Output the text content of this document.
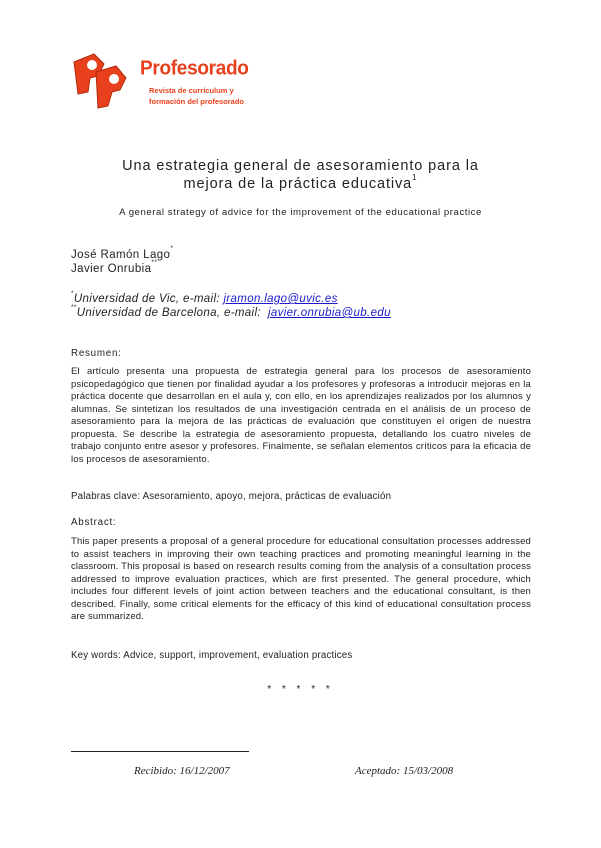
Profesorado
Revista de currículum y
formación del profesorado
Una estrategia general de asesoramiento para la
mejora de la práctica educativa$^1$
A general strategy of advice for the improvement of the educational practice
José Ramón Lago*
Javier Onrubia**
*Universidad de Vic, e-mail: jramon.lago@uvic.es
**Universidad de Barcelona, e-mail:  javier.onrubia@ub.edu
Resumen:
El artículo presenta una propuesta de estrategia general para los procesos de asesoramiento psicopedagógico que tienen por finalidad ayudar a los profesores y profesoras a introducir mejoras en la práctica docente que desarrollan en el aula y, con ello, en los aprendizajes realizados por los alumnos y alumnas. Se sintetizan los resultados de una investigación centrada en el análisis de un proceso de asesoramiento para la mejora de las prácticas de evaluación que constituyen el origen de nuestra propuesta. Se describe la estrategia de asesoramiento propuesta, detallando los cuatro niveles de trabajo conjunto entre asesor y profesores. Finalmente, se señalan elementos críticos para la eficacia de los procesos de asesoramiento.
Palabras clave: Asesoramiento, apoyo, mejora, prácticas de evaluación
Abstract:
This paper presents a proposal of a general procedure for educational consultation processes addressed to assist teachers in improving their own teaching practices and promoting meaningful learning in the classroom. This proposal is based on research results coming from the analysis of a consultation process addressed to improve evaluation practices, which are first presented. The general procedure, which includes four different levels of joint action between teachers and the educational consultant, is then described. Finally, some critical elements for the efficacy of this kind of educational consultation process are summarized.
Key words: Advice, support, improvement, evaluation practices
* * * * *
Recibido: 16/12/2007	Aceptado: 15/03/2008
